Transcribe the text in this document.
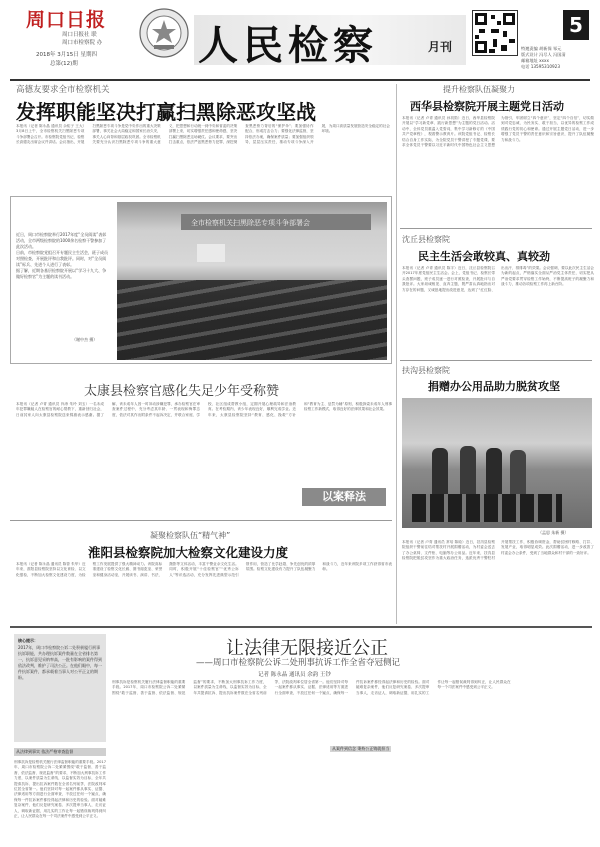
周口日报
周口日报社 联
周口市检察院 办
2018年 3月15日 星期四
总第(12)期	人民检察	月刊
5
特邀责编 胡新保 邹元
版式设计 冯尽人 冯国清
邮箱地址 xxxx
电话 13595310923
高德友要求全市检察机关
发挥职能坚决打赢扫黑除恶攻坚战
本报讯（记者 陈永晶 通讯员 余佑子 王大）3月8日上午，全市检察机关扫黑除恶专项斗争部署会召开。市检察院党组书记、检察长高德友出席会议并讲话。会议指出，开展扫黑除恶专项斗争是党中央作出的重大决策部署，事关社会大局稳定和国家长治久安，事关人心向背和基层政权巩固。全市检察机关要充分认识扫黑除恶专项斗争的重大意义，把思想和行动统一到中央和省委的决策部署上来，切实增强责任感和使命感，坚决打赢扫黑除恶这场硬仗。会议要求，要突出打击重点，依法严惩黑恶势力犯罪，深挖彻查黑恶势力背后的“保护伞”；要加强协作配合，形成打击合力；要强化法律监督，坚持依法办案，确保案件质量；要加强组织领导，层层压实责任，推动专项斗争深入开展，为周口高质量发展营造安全稳定的社会环境。
近日，周口市检察院举行2017年度“全员阅读”表彰活动，全市两级检察院的1000余名检察干警参加了此次活动。
日前，市检察院党组召开专题民主生活会，班子成员对照检查，开展批评和自我批评。同时，对“全员阅读”标兵、先进个人进行了表彰。
据了解，近期各基层检察院开展以“学习十九大、争做好检察官”为主题的读书活动。
（谢中杰 摄）
全市检察机关扫黑除恶专项斗争部署会
提升检察队伍凝聚力
西华县检察院开展主题党日活动
本报讯（记者 卢青 通讯员 孙初勋）近日，西华县检察院开展以“学习新党章、践行新思想”为主题的党日活动。活动中，全体党员重温入党誓词，集中学习新修订的《中国共产党章程》，观看警示教育片。该院党组书记、检察长结合自身工作实际，为全院党员干警讲授了专题党课，要求全体党员干警要以习近平新时代中国特色社会主义思想为指引，牢固树立“四个意识”，坚定“四个自信”，切实做到对党忠诚、为民务实、敢于担当，以优异的检察工作成绩践行党的初心和使命。通过开展主题党日活动，进一步增强了党员干警的责任意识和宗旨意识，提升了队伍凝聚力和战斗力。
沈丘县检察院
民主生活会敢较真、真较劲
本报讯（记者 卢青 通讯员 陈宇）近日，沈丘县检察院召开2017年度党组民主生活会。会上，党组书记、检察长带头查摆问题，班子成员逐一进行对照检查，开展批评与自我批评。大家坦诚相见、直奔主题，既严肃认真地指出对方存在的问题，又诚恳地提出改进意见，达到了“红红脸、出出汗、排排毒”的效果。会议强调，要以此次民主生活会为新的起点，严格落实全面从严治党主体责任，切实把从严治党要求贯穿检察工作始终，不断提高班子的凝聚力和战斗力，推动各项检察工作再上新台阶。
扶沟县检察院
捐赠办公用品助力脱贫攻坚
（孟思 朱新 摄）
本报讯（记者 卢青 通讯员 常培 陈晗）近日，扶沟县检察院组织干警前往结对帮扶村开展捐赠活动，为村委会送去了办公桌椅、文件柜、电脑等办公用品。近年来，扶沟县检察院把脱贫攻坚作为重大政治任务，选派优秀干警驻村开展帮扶工作，积极协调资金，帮助贫困村修路、打井、发展产业，取得明显成效。此次捐赠活动，进一步改善了村委会办公条件，受到了当地群众和村干部的一致好评。
太康县检察官感化失足少年受称赞
本报讯（记者 卢青 通讯员 肖涛 朱玲 刘玉）一名未成年犯罪嫌疑人在检察官的耐心帮教下，重新回归社会，日前其家人向太康县检察院送来锦旗表示感谢。据了解，该未成年人因一时冲动涉嫌犯罪，承办检察官在审查案件过程中，充分考虑其年龄、一贯表现和悔罪态度，依法对其作出附条件不起诉决定，并联合家庭、学校、社区组成帮教小组，定期开展心理疏导和法治教育。在考验期内，该少年表现良好，顺利完成学业。近年来，太康县检察院坚持“教育、感化、挽救”方针和“教育为主、惩罚为辅”原则，积极探索未成年人刑事检察工作新模式，取得良好的法律效果和社会效果。
以案释法
凝聚检察队伍“精气神”
淮阳县检察院加大检察文化建设力度
本报讯（记者 陈永晶 通讯员 陈曾 朱华）近年来，淮阳县检察院坚持以文化育检、以文化强检，不断加大检察文化建设力度，为检察工作发展提供了强大精神动力。该院高标准建设了检察文化长廊、图书阅览室、荣誉室和健身活动室，开展读书、演讲、书法、摄影等文体活动，丰富干警业余文化生活。同时，积极开展“十佳检察官”“优秀公诉人”等评选活动，充分发挥先进典型示范引领作用，营造了比学赶超、争先创优的浓厚氛围。检察文化建设有力提升了队伍凝聚力和战斗力，近年来该院多项工作获得省市表彰。
核心提示：
2017年，周口市检察院公诉二处积极履行刑事抗诉职能，共办理抗诉案件数量在全省排名第一，抗诉意见采纳率高，一批有影响的案件得到依法改判，维护了司法公正。在他们眼中，每一件抗诉案件，都承载着当事人对公平正义的期盼。
让法律无限接近公正
——周口市检察院公诉二处刑事抗诉工作全省夺冠侧记
记者 陈永晶 通讯员 余韵 王钞
刑事抗诉是检察机关履行法律监督职能的重要手段。2017年，周口市检察院公诉二处紧紧围绕“敢于监督、善于监督、依法监督、规范监督”的要求，不断加大刑事抗诉工作力度，以案件质量为生命线，以监督实效为目标，全年共提请抗诉、提出抗诉案件数在全省名列前茅，法院改判率位居全省第一。他们坚持对每一起案件都从事实、证据、法律适用等方面进行全面审查，不放过任何一个疑点，确保每一件抗诉案件都经得起法律和历史的检验。面对疑难复杂案件，他们反复研究案卷、多次提审当事人，走访证人，调取新证据，用扎实的工作让每一起错误裁判得到纠正，让人民群众在每一个司法案件中感受到公平正义。
从法律到事实 依法严格审查监督
刑事抗诉是检察机关履行法律监督职能的重要手段。2017年，周口市检察院公诉二处紧紧围绕“敢于监督、善于监督、依法监督、规范监督”的要求，不断加大刑事抗诉工作力度，以案件质量为生命线，以监督实效为目标，全年共提请抗诉、提出抗诉案件数在全省名列前茅，法院改判率位居全省第一。他们坚持对每一起案件都从事实、证据、法律适用等方面进行全面审查，不放过任何一个疑点，确保每一件抗诉案件都经得起法律和历史的检验。面对疑难复杂案件，他们反复研究案卷、多次提审当事人，走访证人，调取新证据，用扎实的工作让每一起错误裁判得到纠正，让人民群众在每一个司法案件中感受到公平正义。
从案件到信念 秉持公正铸就担当
